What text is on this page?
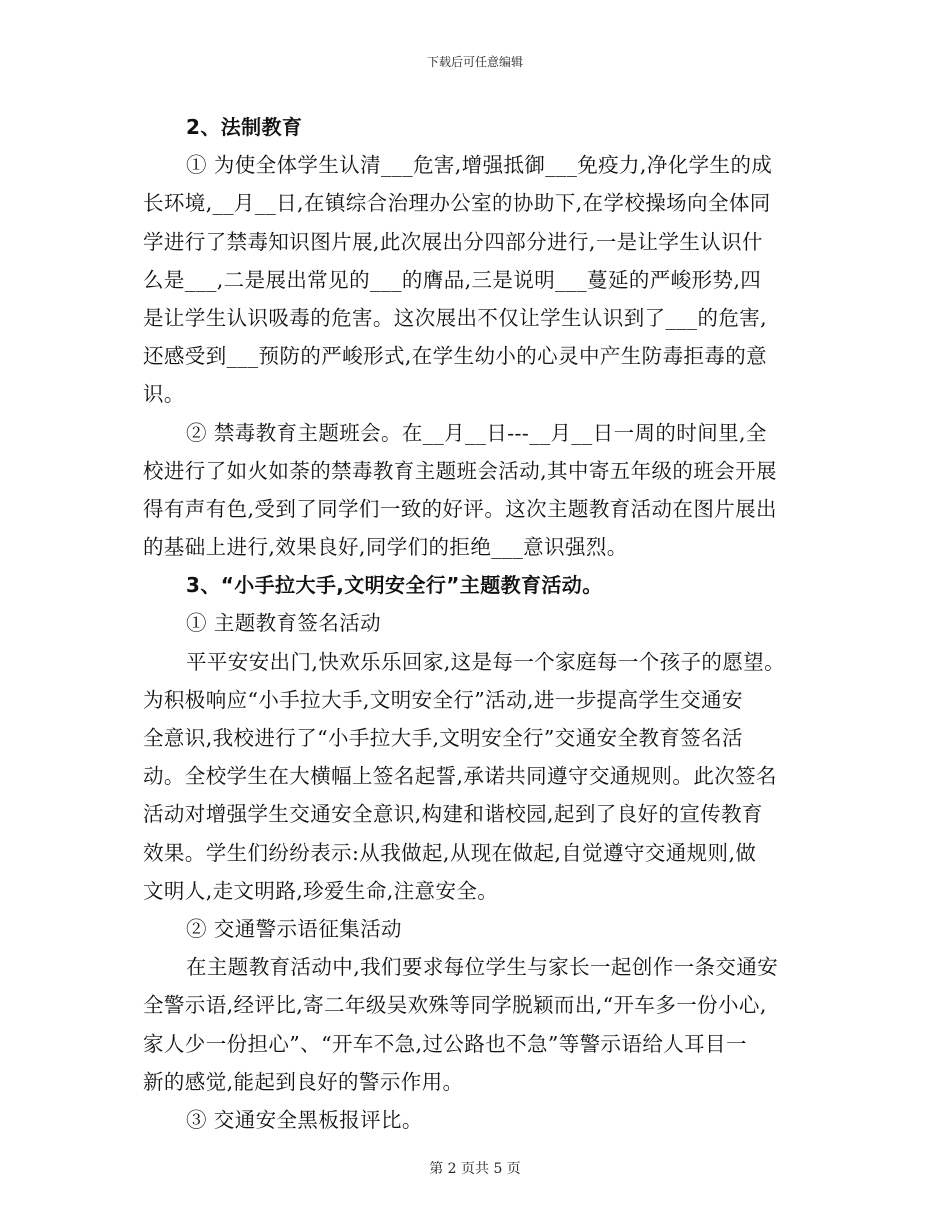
下载后可任意编辑
2、法制教育
① 为使全体学生认清___危害,增强抵御___免疫力,净化学生的成
长环境,__月__日,在镇综合治理办公室的协助下,在学校操场向全体同
学进行了禁毒知识图片展,此次展出分四部分进行,一是让学生认识什
么是___,二是展出常见的___的膺品,三是说明___蔓延的严峻形势,四
是让学生认识吸毒的危害。这次展出不仅让学生认识到了___的危害,
还感受到___预防的严峻形式,在学生幼小的心灵中产生防毒拒毒的意
识。
② 禁毒教育主题班会。在__月__日---__月__日一周的时间里,全
校进行了如火如荼的禁毒教育主题班会活动,其中寄五年级的班会开展
得有声有色,受到了同学们一致的好评。这次主题教育活动在图片展出
的基础上进行,效果良好,同学们的拒绝___意识强烈。
3、“小手拉大手,文明安全行”主题教育活动。
① 主题教育签名活动
平平安安出门,快欢乐乐回家,这是每一个家庭每一个孩子的愿望。
为积极响应“小手拉大手,文明安全行”活动,进一步提高学生交通安
全意识,我校进行了“小手拉大手,文明安全行”交通安全教育签名活
动。全校学生在大横幅上签名起誓,承诺共同遵守交通规则。此次签名
活动对增强学生交通安全意识,构建和谐校园,起到了良好的宣传教育
效果。学生们纷纷表示:从我做起,从现在做起,自觉遵守交通规则,做
文明人,走文明路,珍爱生命,注意安全。
② 交通警示语征集活动
在主题教育活动中,我们要求每位学生与家长一起创作一条交通安
全警示语,经评比,寄二年级吴欢殊等同学脱颖而出,“开车多一份小心,
家人少一份担心”、“开车不急,过公路也不急”等警示语给人耳目一
新的感觉,能起到良好的警示作用。
③ 交通安全黑板报评比。
第 2 页共 5 页
